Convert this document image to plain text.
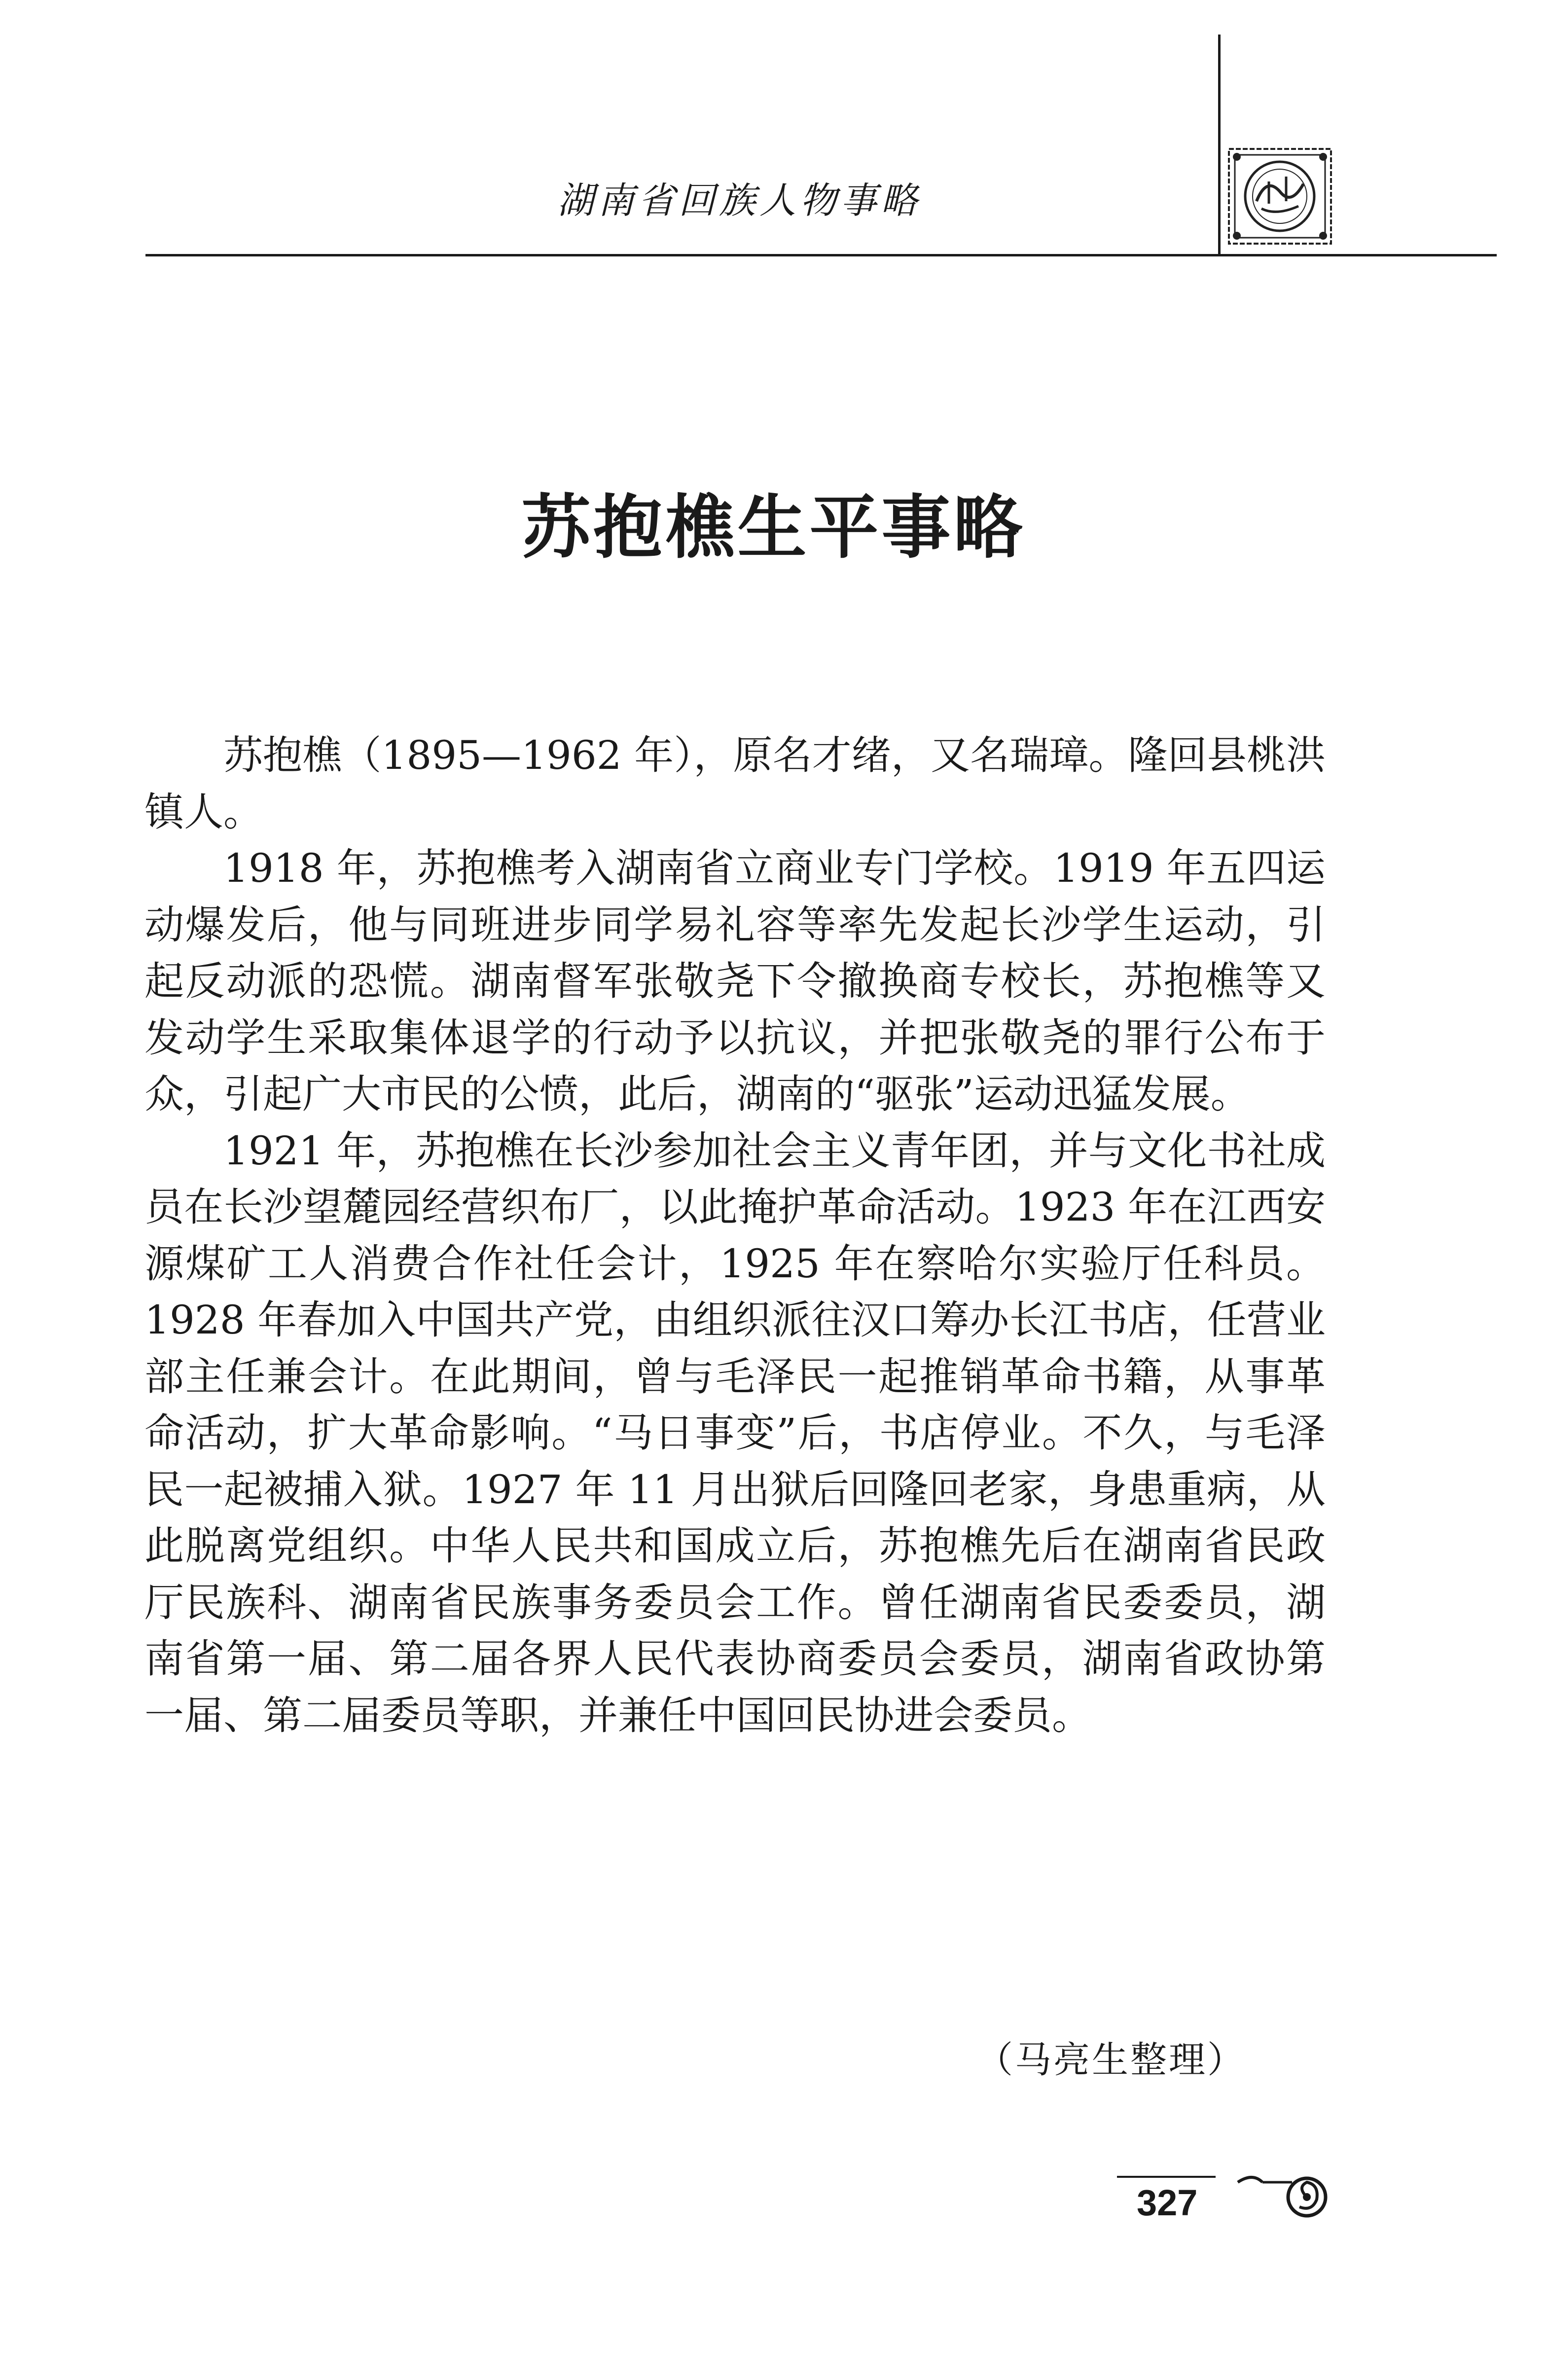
湖南省回族人物事略
苏抱樵生平事略

苏抱樵（1895—1962 年），原名才绪，又名瑞璋。隆回县桃洪镇人。

1918 年，苏抱樵考入湖南省立商业专门学校。1919 年五四运动爆发后，他与同班进步同学易礼容等率先发起长沙学生运动，引起反动派的恐慌。湖南督军张敬尧下令撤换商专校长，苏抱樵等又发动学生采取集体退学的行动予以抗议，并把张敬尧的罪行公布于众，引起广大市民的公愤，此后，湖南的“驱张”运动迅猛发展。

1921 年，苏抱樵在长沙参加社会主义青年团，并与文化书社成员在长沙望麓园经营织布厂，以此掩护革命活动。1923 年在江西安源煤矿工人消费合作社任会计，1925 年在察哈尔实验厅任科员。1928 年春加入中国共产党，由组织派往汉口筹办长江书店，任营业部主任兼会计。在此期间，曾与毛泽民一起推销革命书籍，从事革命活动，扩大革命影响。“马日事变”后，书店停业。不久，与毛泽民一起被捕入狱。1927 年 11 月出狱后回隆回老家，身患重病，从此脱离党组织。中华人民共和国成立后，苏抱樵先后在湖南省民政厅民族科、湖南省民族事务委员会工作。曾任湖南省民委委员，湖南省第一届、第二届各界人民代表协商委员会委员，湖南省政协第一届、第二届委员等职，并兼任中国回民协进会委员。

（马亮生整理）
327
